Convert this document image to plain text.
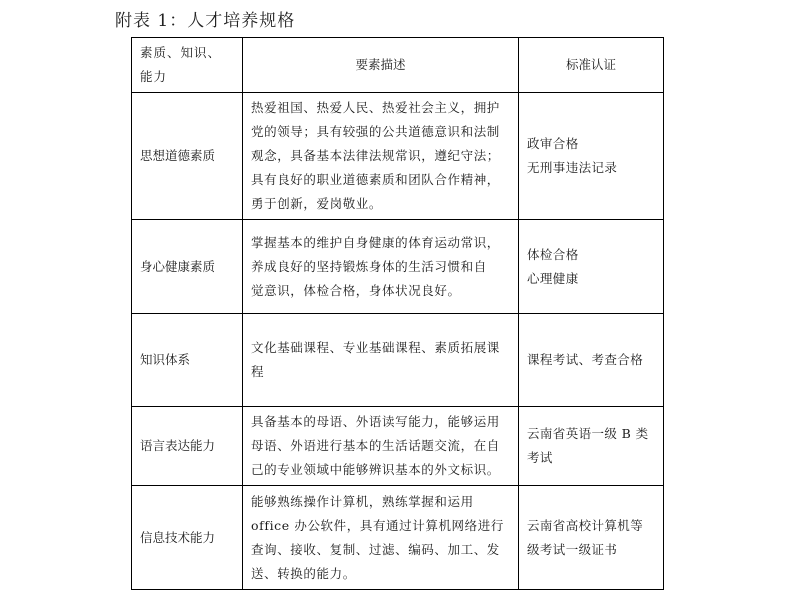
附表 1：人才培养规格
素质、知识、能力	要素描述	标准认证
思想道德素质	热爱祖国、热爱人民、热爱社会主义，拥护
党的领导；具有较强的公共道德意识和法制
观念，具备基本法律法规常识，遵纪守法；
具有良好的职业道德素质和团队合作精神，
勇于创新，爱岗敬业。	政审合格
无刑事违法记录

身心健康素质	掌握基本的维护自身健康的体育运动常识，
养成良好的坚持锻炼身体的生活习惯和自
觉意识，体检合格，身体状况良好。	体检合格
心理健康

知识体系	文化基础课程、专业基础课程、素质拓展课
程	课程考试、考查合格

语言表达能力	具备基本的母语、外语读写能力，能够运用
母语、外语进行基本的生活话题交流，在自
己的专业领域中能够辨识基本的外文标识。	云南省英语一级 B 类
考试

信息技术能力	能够熟练操作计算机，熟练掌握和运用
office 办公软件，具有通过计算机网络进行
查询、接收、复制、过滤、编码、加工、发
送、转换的能力。	云南省高校计算机等
级考试一级证书
